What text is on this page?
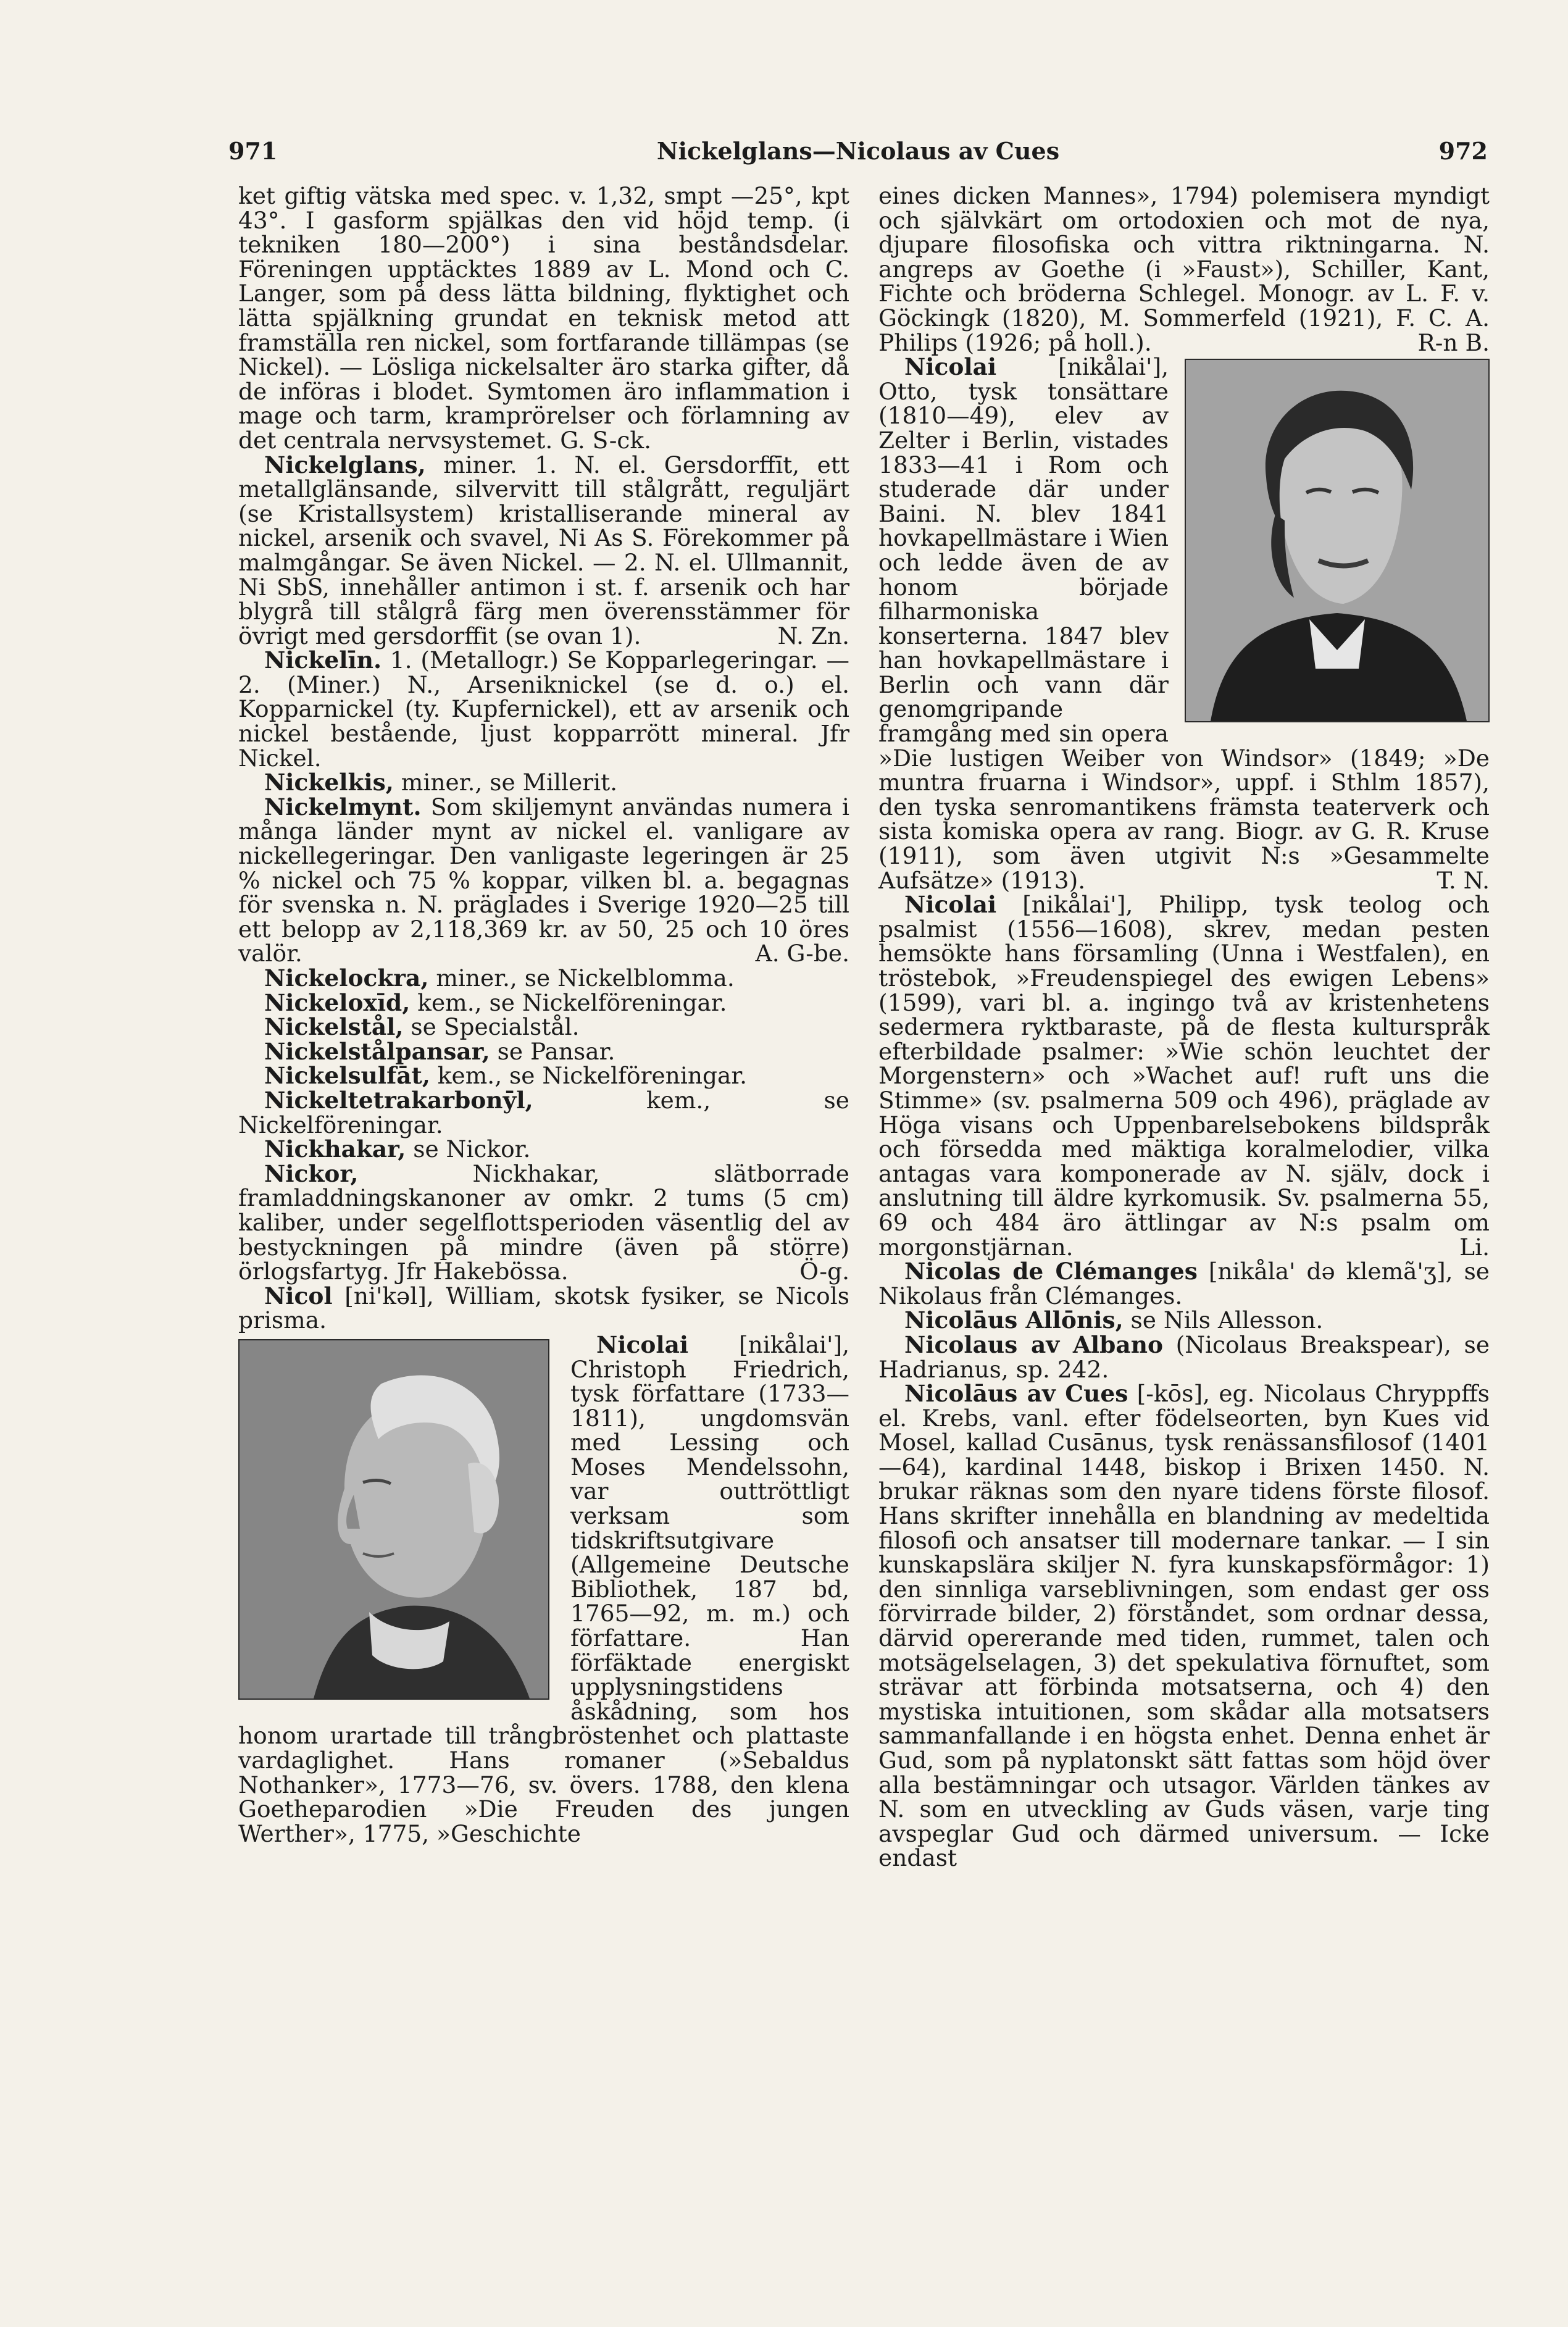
971	Nickelglans—Nicolaus av Cues	972

ket giftig vätska med spec. v. 1,32, smpt —25°, kpt 43°. I gasform spjälkas den vid höjd temp. (i tekniken 180—200°) i sina beståndsdelar. Föreningen upptäcktes 1889 av L. Mond och C. Langer, som på dess lätta bildning, flyktighet och lätta spjälkning grundat en teknisk metod att framställa ren nickel, som fortfarande tillämpas (se Nickel). — Lösliga nickelsalter äro starka gifter, då de införas i blodet. Symtomen äro inflammation i mage och tarm, kramprörelser och förlamning av det centrala nervsystemet. G. S-ck.

Nickelglans, miner. 1. N. el. Gersdorffīt, ett metallglänsande, silvervitt till stålgrått, reguljärt (se Kristallsystem) kristalliserande mineral av nickel, arsenik och svavel, Ni As S. Förekommer på malmgångar. Se även Nickel. — 2. N. el. Ullmannit, Ni SbS, innehåller antimon i st. f. arsenik och har blygrå till stålgrå färg men överensstämmer för övrigt med gersdorffit (se ovan 1).	N. Zn.

Nickelīn. 1. (Metallogr.) Se Kopparlegeringar. — 2. (Miner.) N., Arseniknickel (se d. o.) el. Kopparnickel (ty. Kupfernickel), ett av arsenik och nickel bestående, ljust kopparrött mineral. Jfr Nickel.

Nickelkis, miner., se Millerit.

Nickelmynt. Som skiljemynt användas numera i många länder mynt av nickel el. vanligare av nickellegeringar. Den vanligaste legeringen är 25 % nickel och 75 % koppar, vilken bl. a. begagnas för svenska n. N. präglades i Sverige 1920—25 till ett belopp av 2,118,369 kr. av 50, 25 och 10 öres valör.	A. G-be.

Nickelockra, miner., se Nickelblomma.

Nickeloxīd, kem., se Nickelföreningar.

Nickelstål, se Specialstål.

Nickelstålpansar, se Pansar.

Nickelsulfāt, kem., se Nickelföreningar.

Nickeltetrakarbonȳl,	kem., se Nickelföreningar.

Nickhakar, se Nickor.

Nickor,	Nickhakar, slätborrade framladdningskanoner av omkr. 2 tums (5 cm) kaliber, under segelflottsperioden väsentlig del av bestyckningen på mindre (även på större) örlogsfartyg. Jfr Hakebössa.	Ö-g.

Nicol [ni'kəl], William, skotsk fysiker, se Nicols prisma.

Nicolai [nikålai'], Christoph Friedrich, tysk författare (1733—1811), ungdomsvän med Lessing och Moses Mendelssohn, var outtröttligt verksam som tidskriftsutgivare (Allgemeine Deutsche Bibliothek, 187 bd, 1765—92, m. m.) och författare. Han förfäktade energiskt upplysningstidens åskådning, som hos honom urartade till trångbröstenhet och plattaste vardaglighet. Hans romaner (»Sebaldus Nothanker», 1773—76, sv. övers. 1788, den klena Goetheparodien »Die Freuden des jungen Werther», 1775, »Geschichte

eines dicken Mannes», 1794) polemisera myndigt och självkärt om ortodoxien och mot de nya, djupare filosofiska och vittra riktningarna. N. angreps av Goethe (i »Faust»), Schiller, Kant, Fichte och bröderna Schlegel. Monogr. av L. F. v. Göckingk (1820), M. Sommerfeld (1921), F. C. A. Philips (1926; på holl.).	R-n B.

Nicolai	[nikålai'], Otto, tysk tonsättare (1810—49), elev av Zelter i Berlin, vistades 1833—41 i Rom och studerade där under Baini. N. blev 1841 hovkapellmästare i Wien och ledde även de av honom började filharmoniska konserterna. 1847 blev han hovkapellmästare i Berlin och vann där genomgripande framgång med sin opera »Die lustigen Weiber von Windsor» (1849; »De muntra fruarna i Windsor», uppf. i Sthlm 1857), den tyska senromantikens främsta teaterverk och sista komiska opera av rang. Biogr. av G. R. Kruse (1911), som även utgivit N:s »Gesammelte Aufsätze» (1913).	T. N.

Nicolai [nikålai'], Philipp, tysk teolog och psalmist (1556—1608), skrev, medan pesten hemsökte hans församling (Unna i Westfalen), en tröstebok, »Freudenspiegel des ewigen Lebens» (1599), vari bl. a. ingingo två av kristenhetens sedermera ryktbaraste, på de flesta kulturspråk efterbildade psalmer: »Wie schön leuchtet der Morgenstern» och »Wachet auf! ruft uns die Stimme» (sv. psalmerna 509 och 496), präglade av Höga visans och Uppenbarelsebokens bildspråk och försedda med mäktiga koralmelodier, vilka antagas vara komponerade av N. själv, dock i anslutning till äldre kyrkomusik. Sv. psalmerna 55, 69 och 484 äro ättlingar av N:s psalm om morgonstjärnan.	Li.

Nicolas de Clémanges [nikåla' də klemã'ʒ], se Nikolaus från Clémanges.

Nicolāus Allōnis, se Nils Allesson.

Nicolaus av Albano (Nicolaus Breakspear), se Hadrianus, sp. 242.

Nicolāus av Cues [-kōs], eg. Nicolaus Chryppffs el. Krebs, vanl. efter födelseorten, byn Kues vid Mosel, kallad Cusānus, tysk renässansfilosof (1401—64), kardinal 1448, biskop i Brixen 1450. N. brukar räknas som den nyare tidens förste filosof. Hans skrifter innehålla en blandning av medeltida filosofi och ansatser till modernare tankar. — I sin kunskapslära skiljer N. fyra kunskapsförmågor: 1) den sinnliga varseblivningen, som endast ger oss förvirrade bilder, 2) förståndet, som ordnar dessa, därvid opererande med tiden, rummet, talen och motsägelselagen, 3) det spekulativa förnuftet, som strävar att förbinda motsatserna, och 4) den mystiska intuitionen, som skådar alla motsatsers sammanfallande i en högsta enhet. Denna enhet är Gud, som på nyplatonskt sätt fattas som höjd över alla bestämningar och utsagor. Världen tänkes av N. som en utveckling av Guds väsen, varje ting avspeglar Gud och därmed universum. — Icke endast
